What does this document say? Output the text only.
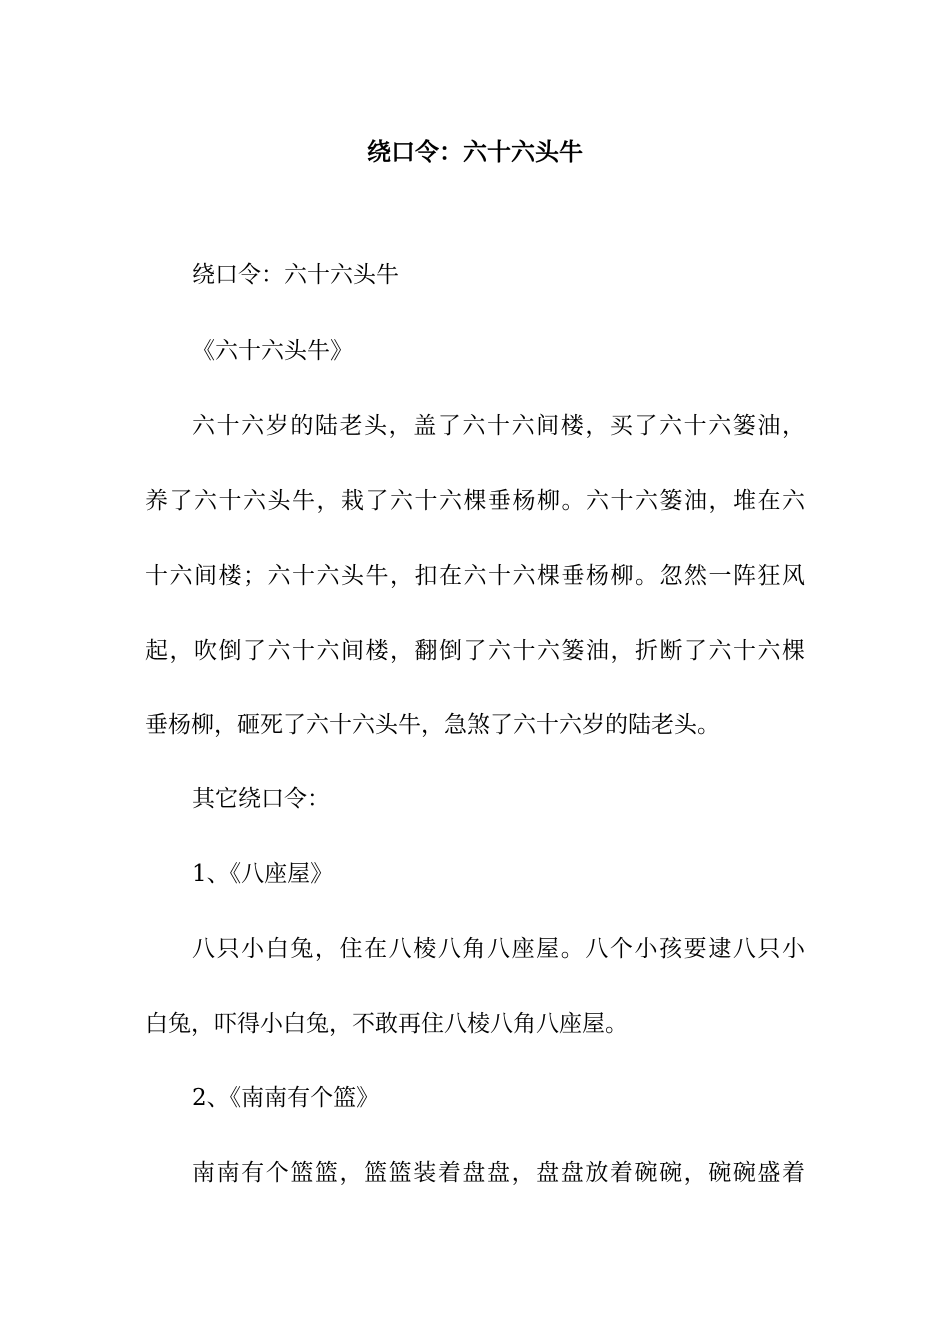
绕口令：六十六头牛
绕口令：六十六头牛
《六十六头牛》
六十六岁的陆老头，盖了六十六间楼，买了六十六篓油，
养了六十六头牛，栽了六十六棵垂杨柳。六十六篓油，堆在六
十六间楼；六十六头牛，扣在六十六棵垂杨柳。忽然一阵狂风
起，吹倒了六十六间楼，翻倒了六十六篓油，折断了六十六棵
垂杨柳，砸死了六十六头牛，急煞了六十六岁的陆老头。
其它绕口令：
1、《八座屋》
八只小白兔，住在八棱八角八座屋。八个小孩要逮八只小
白兔，吓得小白兔，不敢再住八棱八角八座屋。
2、《南南有个篮》
南南有个篮篮，篮篮装着盘盘，盘盘放着碗碗，碗碗盛着
